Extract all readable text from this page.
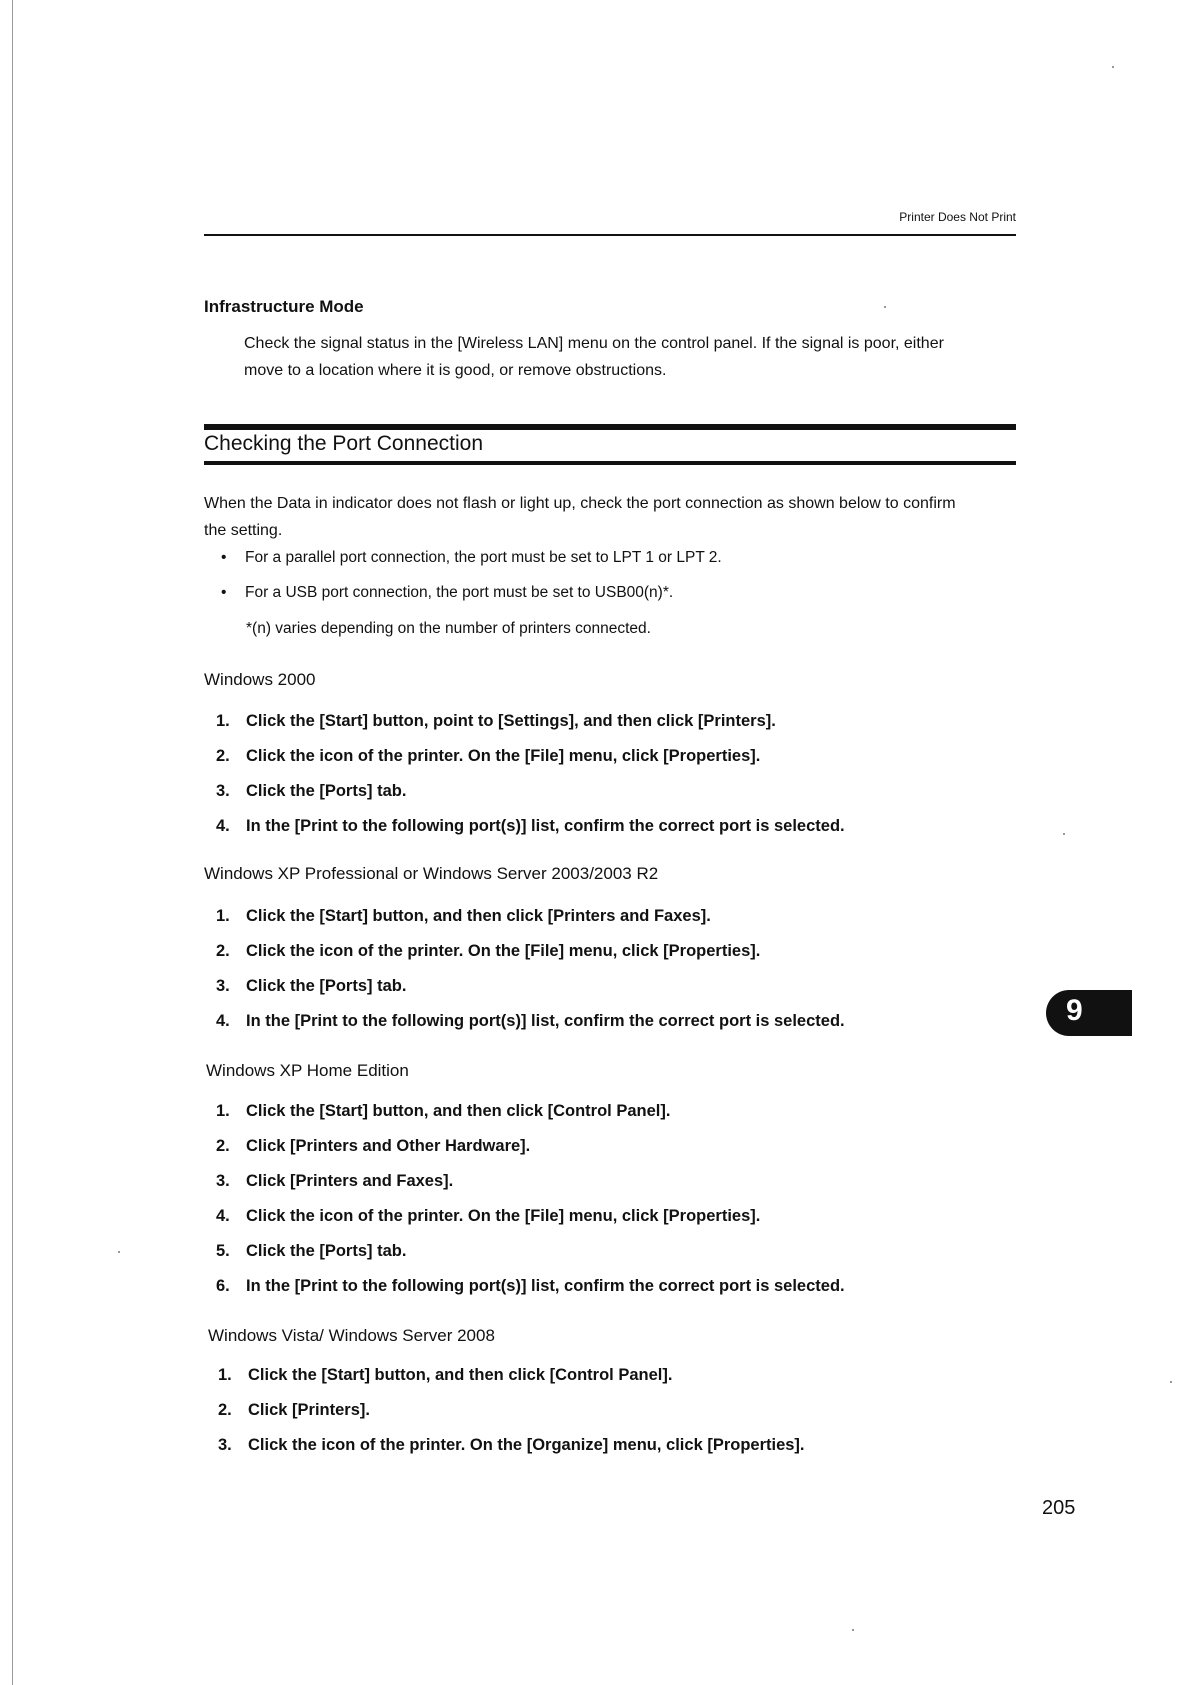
Printer Does Not Print
Infrastructure Mode
Check the signal status in the [Wireless LAN] menu on the control panel. If the signal is poor, either
move to a location where it is good, or remove obstructions.
Checking the Port Connection
When the Data in indicator does not flash or light up, check the port connection as shown below to confirm
the setting.
• For a parallel port connection, the port must be set to LPT 1 or LPT 2.
• For a USB port connection, the port must be set to USB00(n)*.
*(n) varies depending on the number of printers connected.
Windows 2000
1. Click the [Start] button, point to [Settings], and then click [Printers].
2. Click the icon of the printer. On the [File] menu, click [Properties].
3. Click the [Ports] tab.
4. In the [Print to the following port(s)] list, confirm the correct port is selected.
Windows XP Professional or Windows Server 2003/2003 R2
1. Click the [Start] button, and then click [Printers and Faxes].
2. Click the icon of the printer. On the [File] menu, click [Properties].
3. Click the [Ports] tab.
4. In the [Print to the following port(s)] list, confirm the correct port is selected.
Windows XP Home Edition
1. Click the [Start] button, and then click [Control Panel].
2. Click [Printers and Other Hardware].
3. Click [Printers and Faxes].
4. Click the icon of the printer. On the [File] menu, click [Properties].
5. Click the [Ports] tab.
6. In the [Print to the following port(s)] list, confirm the correct port is selected.
Windows Vista/ Windows Server 2008
1. Click the [Start] button, and then click [Control Panel].
2. Click [Printers].
3. Click the icon of the printer. On the [Organize] menu, click [Properties].
9
205
